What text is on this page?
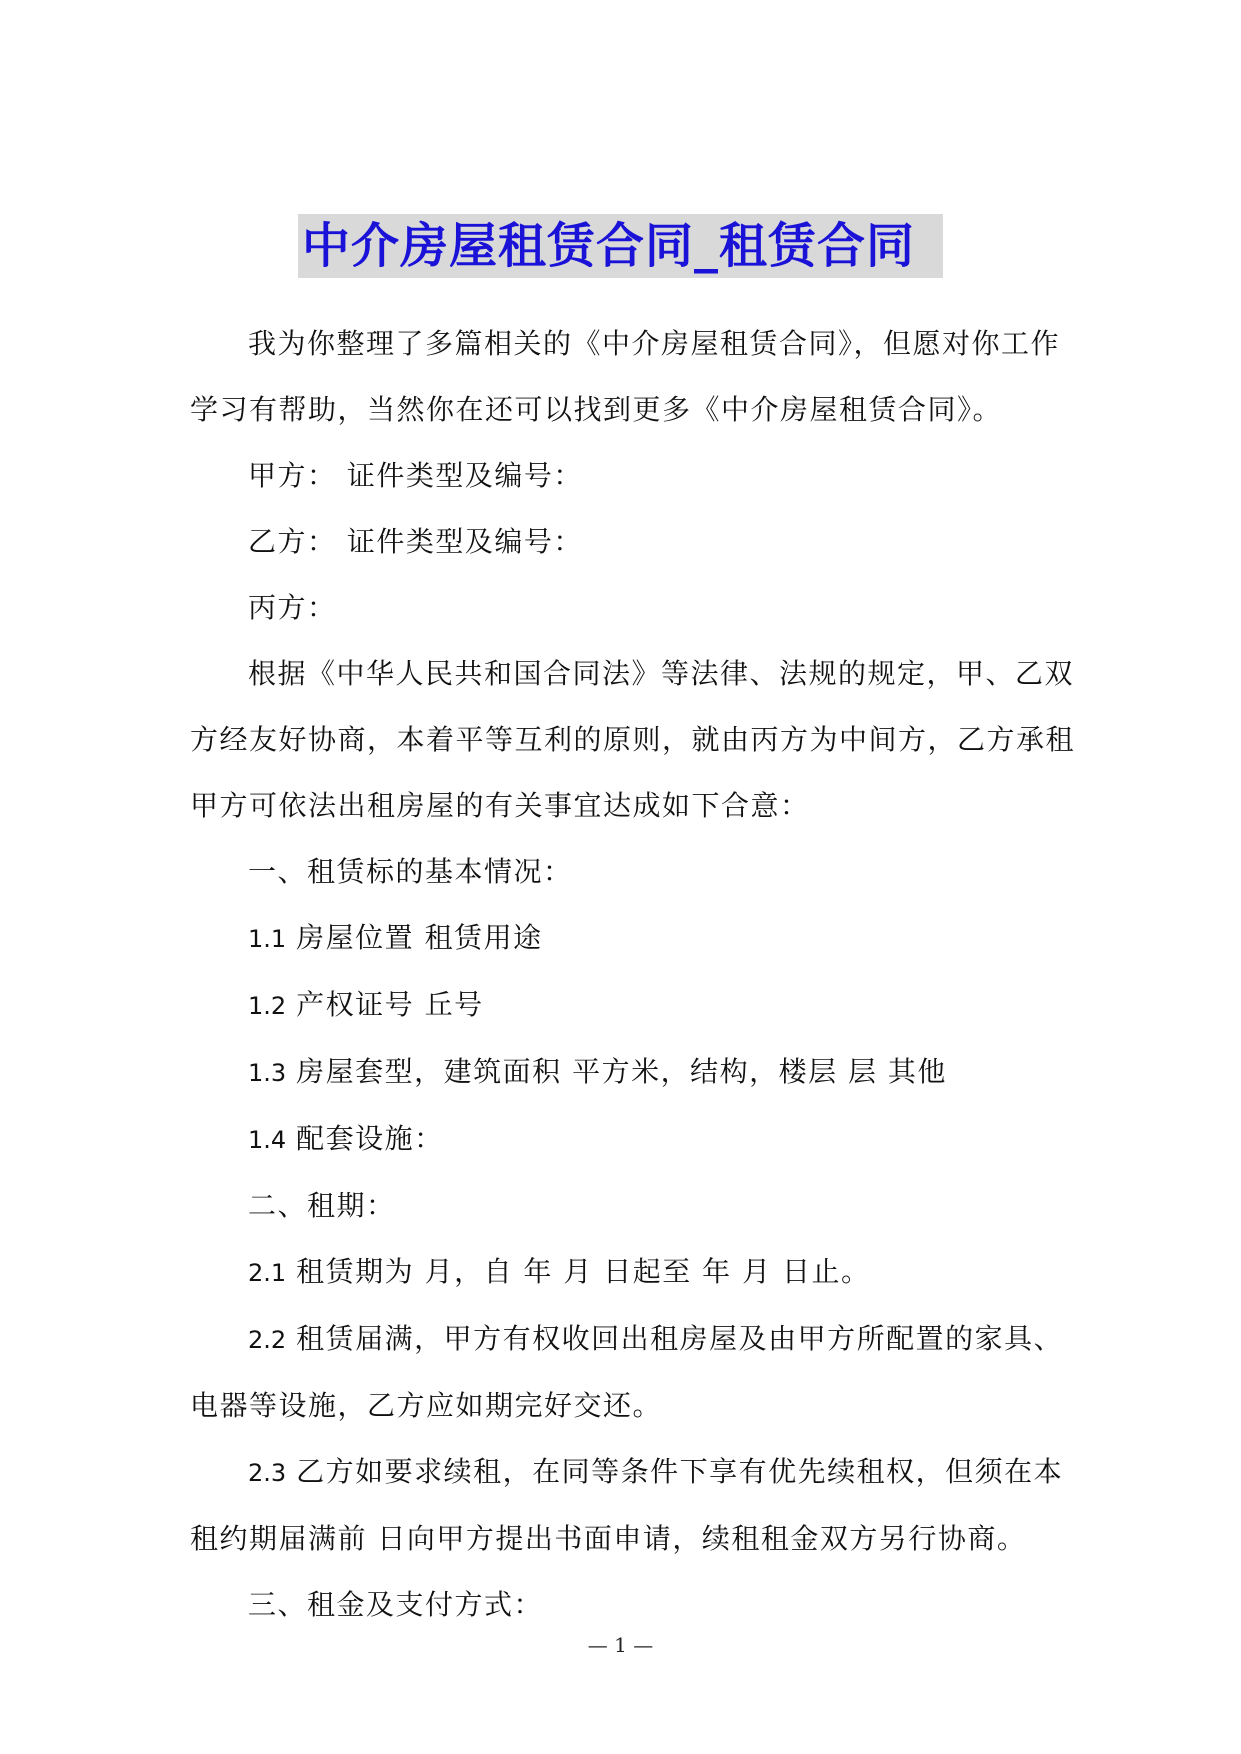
中介房屋租赁合同_租赁合同

我为你整理了多篇相关的《中介房屋租赁合同》，但愿对你工作

学习有帮助，当然你在还可以找到更多《中介房屋租赁合同》。

甲方： 证件类型及编号：

乙方： 证件类型及编号：

丙方：

根据《中华人民共和国合同法》等法律、法规的规定，甲、乙双

方经友好协商，本着平等互利的原则，就由丙方为中间方，乙方承租

甲方可依法出租房屋的有关事宜达成如下合意：

一、租赁标的基本情况：

1.1 房屋位置 租赁用途

1.2 产权证号 丘号

1.3 房屋套型，建筑面积 平方米，结构，楼层 层 其他

1.4 配套设施：

二、租期：

2.1 租赁期为 月，自 年 月 日起至 年 月 日止。

2.2 租赁届满，甲方有权收回出租房屋及由甲方所配置的家具、

电器等设施，乙方应如期完好交还。

2.3 乙方如要求续租，在同等条件下享有优先续租权，但须在本

租约期届满前 日向甲方提出书面申请，续租租金双方另行协商。

三、租金及支付方式：

— 1 —
